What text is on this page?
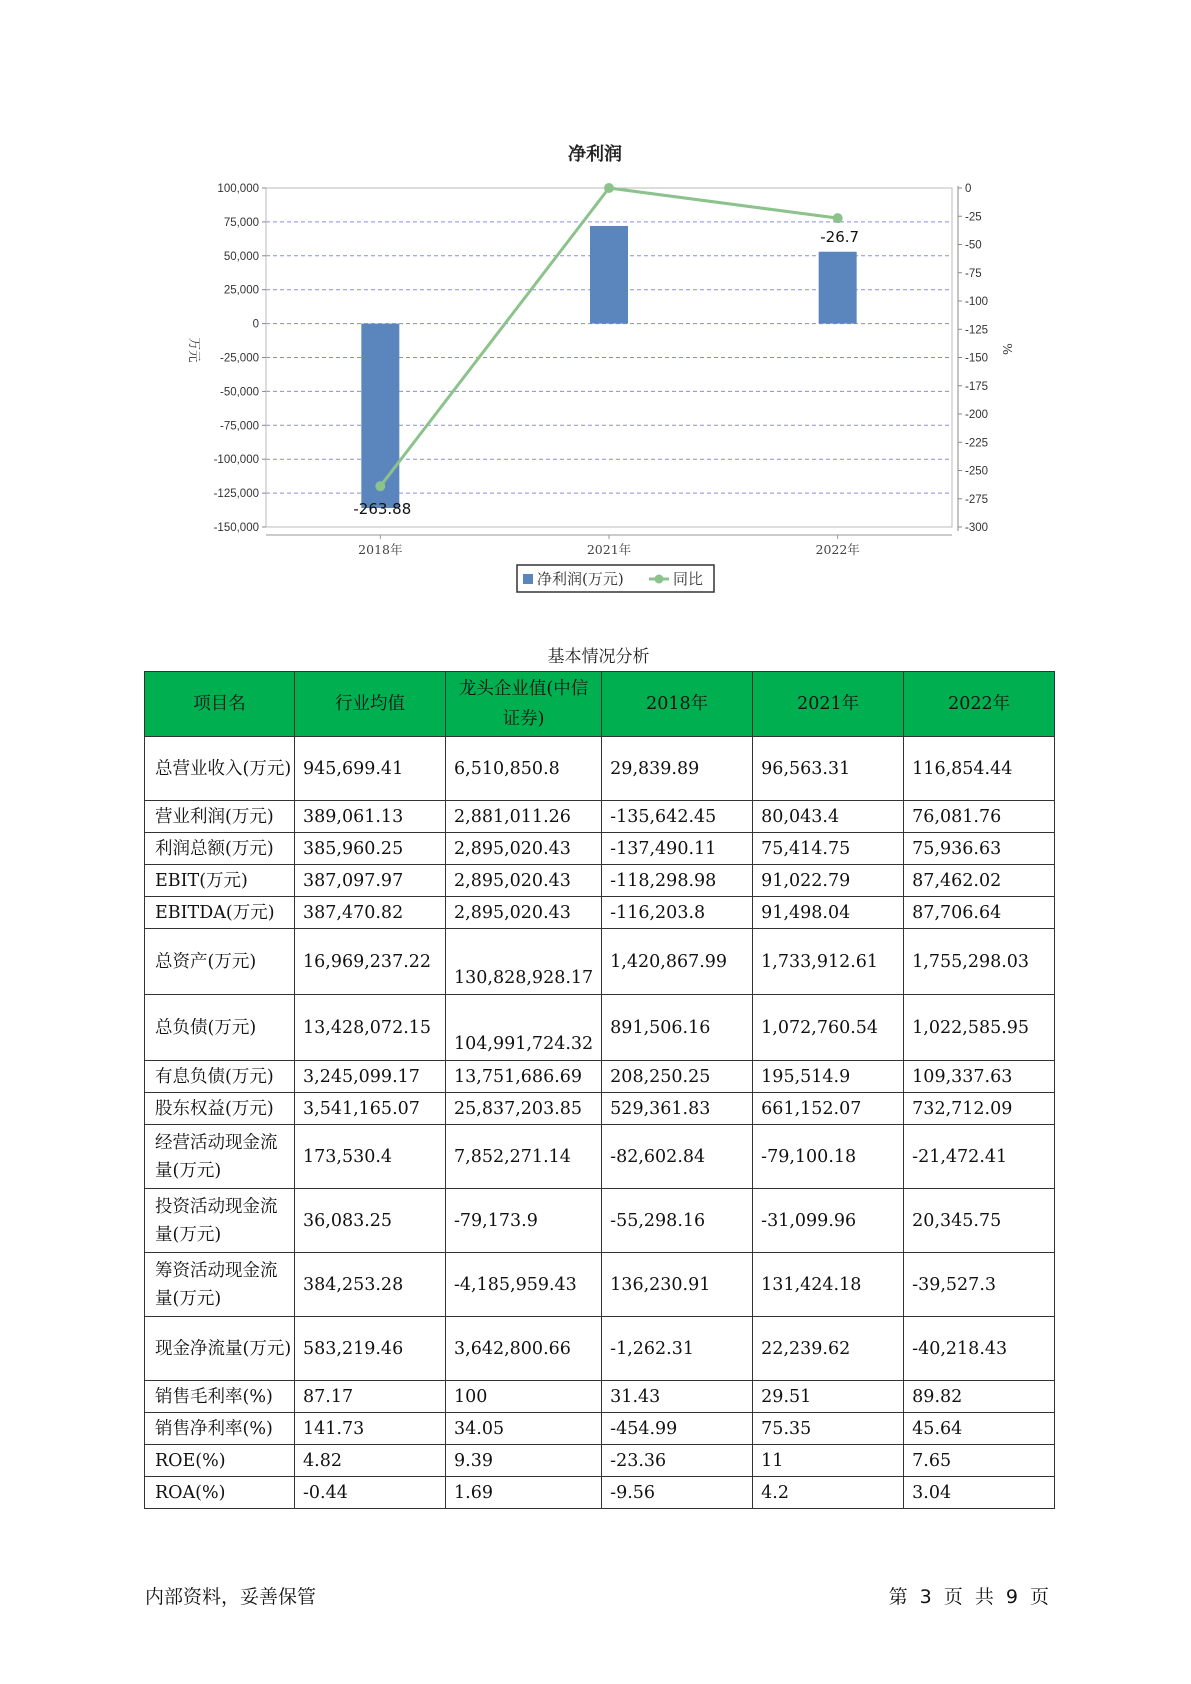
净利润
100,000
75,000
50,000
25,000
0
-25,000
-50,000
-75,000
-100,000
-125,000
-150,000
0
-25
-50
-75
-100
-125
-150
-175
-200
-225
-250
-275
-300
2018年	2021年	2022年
-263.88
-26.7
万元	%
净利润(万元)	同比
基本情况分析
项目名	行业均值	龙头企业值(中信证券)	2018年	2021年	2022年
总营业收入(万元)	945,699.41	6,510,850.8	29,839.89	96,563.31	116,854.44
营业利润(万元)	389,061.13	2,881,011.26	-135,642.45	80,043.4	76,081.76
利润总额(万元)	385,960.25	2,895,020.43	-137,490.11	75,414.75	75,936.63
EBIT(万元)	387,097.97	2,895,020.43	-118,298.98	91,022.79	87,462.02
EBITDA(万元)	387,470.82	2,895,020.43	-116,203.8	91,498.04	87,706.64
总资产(万元)	16,969,237.22	130,828,928.17	1,420,867.99	1,733,912.61	1,755,298.03
总负债(万元)	13,428,072.15	104,991,724.32	891,506.16	1,072,760.54	1,022,585.95
有息负债(万元)	3,245,099.17	13,751,686.69	208,250.25	195,514.9	109,337.63
股东权益(万元)	3,541,165.07	25,837,203.85	529,361.83	661,152.07	732,712.09
经营活动现金流量(万元)	173,530.4	7,852,271.14	-82,602.84	-79,100.18	-21,472.41
投资活动现金流量(万元)	36,083.25	-79,173.9	-55,298.16	-31,099.96	20,345.75
筹资活动现金流量(万元)	384,253.28	-4,185,959.43	136,230.91	131,424.18	-39,527.3
现金净流量(万元)	583,219.46	3,642,800.66	-1,262.31	22,239.62	-40,218.43
销售毛利率(%)	87.17	100	31.43	29.51	89.82
销售净利率(%)	141.73	34.05	-454.99	75.35	45.64
ROE(%)	4.82	9.39	-23.36	11	7.65
ROA(%)	-0.44	1.69	-9.56	4.2	3.04
内部资料，妥善保管	第 3 页 共 9 页
